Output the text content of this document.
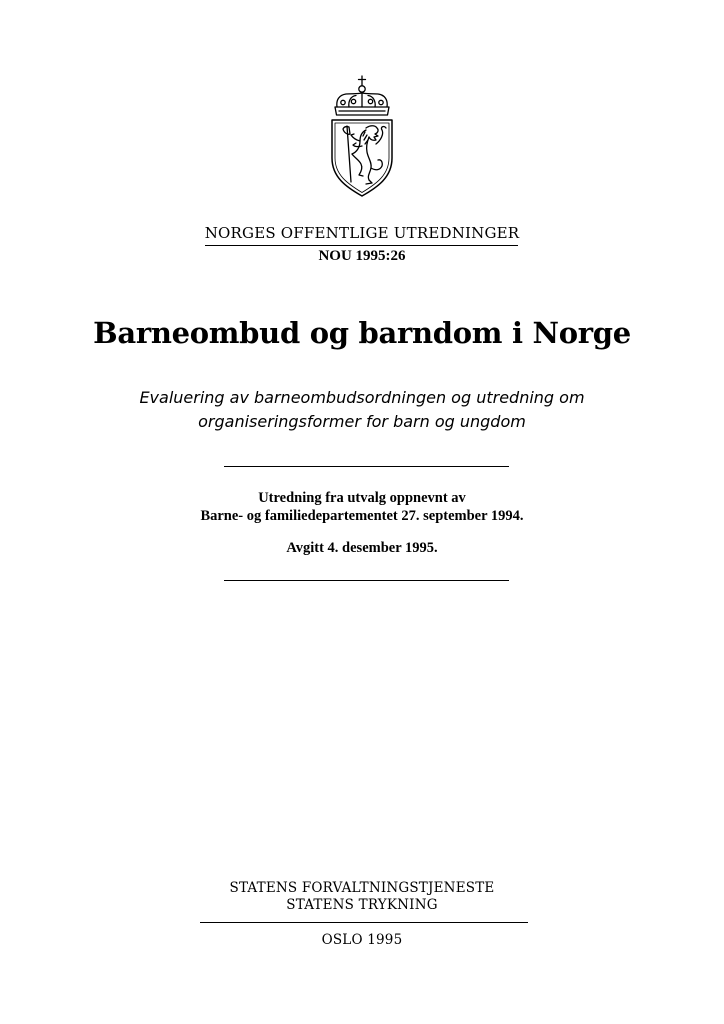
NORGES OFFENTLIGE UTREDNINGER
NOU 1995:26
Barneombud og barndom i Norge
Evaluering av barneombudsordningen og utredning om
organiseringsformer for barn og ungdom
Utredning fra utvalg oppnevnt av
Barne- og familiedepartementet 27. september 1994.
Avgitt 4. desember 1995.
STATENS FORVALTNINGSTJENESTE
STATENS TRYKNING
OSLO 1995
